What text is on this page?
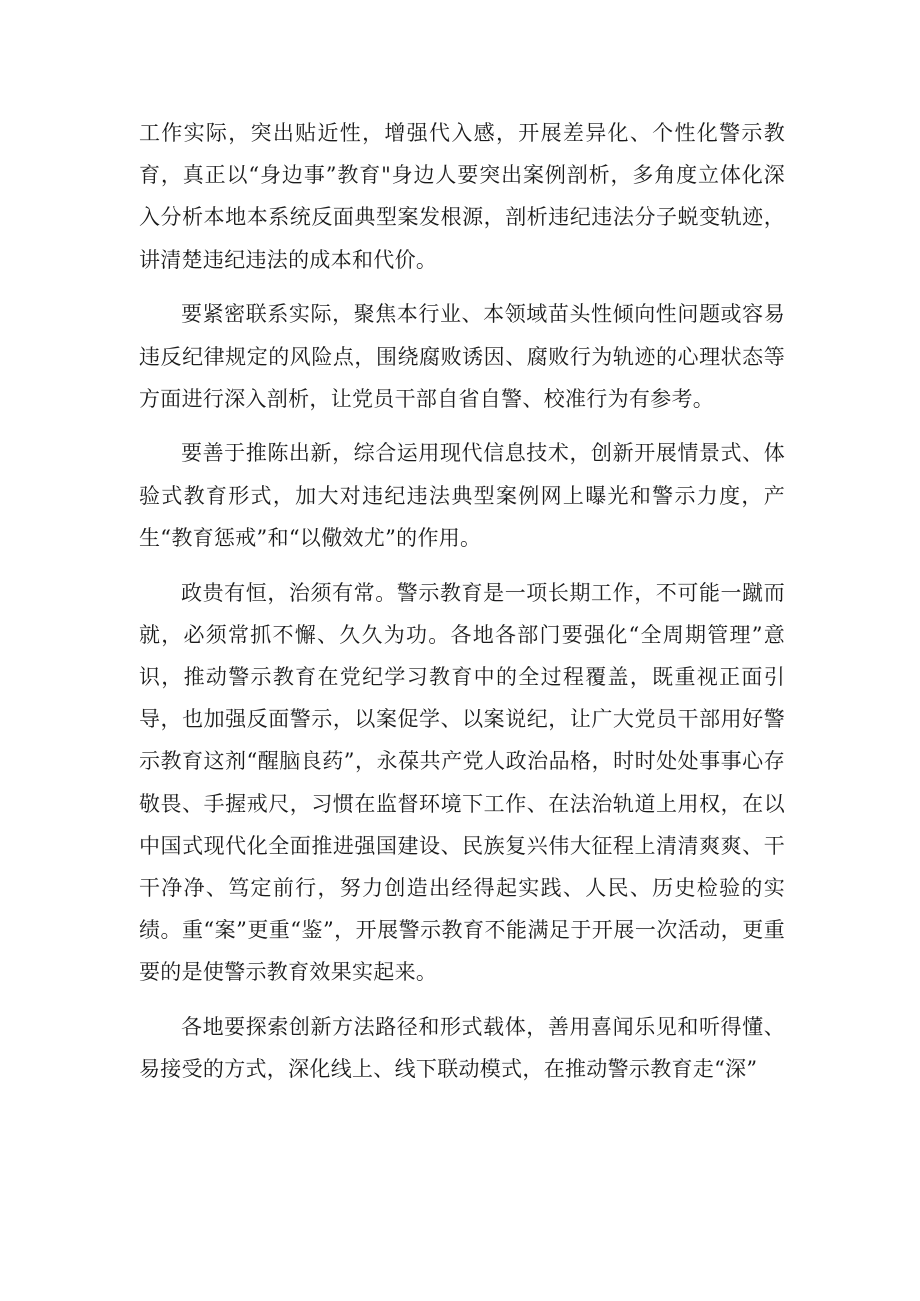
工作实际，突出贴近性，增强代入感，开展差异化、个性化警示教育，真正以“身边事”教育"身边人要突出案例剖析，多角度立体化深入分析本地本系统反面典型案发根源，剖析违纪违法分子蜕变轨迹，讲清楚违纪违法的成本和代价。

要紧密联系实际，聚焦本行业、本领域苗头性倾向性问题或容易违反纪律规定的风险点，围绕腐败诱因、腐败行为轨迹的心理状态等方面进行深入剖析，让党员干部自省自警、校准行为有参考。

要善于推陈出新，综合运用现代信息技术，创新开展情景式、体验式教育形式，加大对违纪违法典型案例网上曝光和警示力度，产生“教育惩戒”和“以儆效尤”的作用。

政贵有恒，治须有常。警示教育是一项长期工作，不可能一蹴而就，必须常抓不懈、久久为功。各地各部门要强化“全周期管理”意识，推动警示教育在党纪学习教育中的全过程覆盖，既重视正面引导，也加强反面警示，以案促学、以案说纪，让广大党员干部用好警示教育这剂“醒脑良药”，永葆共产党人政治品格，时时处处事事心存敬畏、手握戒尺，习惯在监督环境下工作、在法治轨道上用权，在以中国式现代化全面推进强国建设、民族复兴伟大征程上清清爽爽、干干净净、笃定前行，努力创造出经得起实践、人民、历史检验的实绩。重“案”更重“鉴”，开展警示教育不能满足于开展一次活动，更重要的是使警示教育效果实起来。

各地要探索创新方法路径和形式载体，善用喜闻乐见和听得懂、易接受的方式，深化线上、线下联动模式，在推动警示教育走“深”
